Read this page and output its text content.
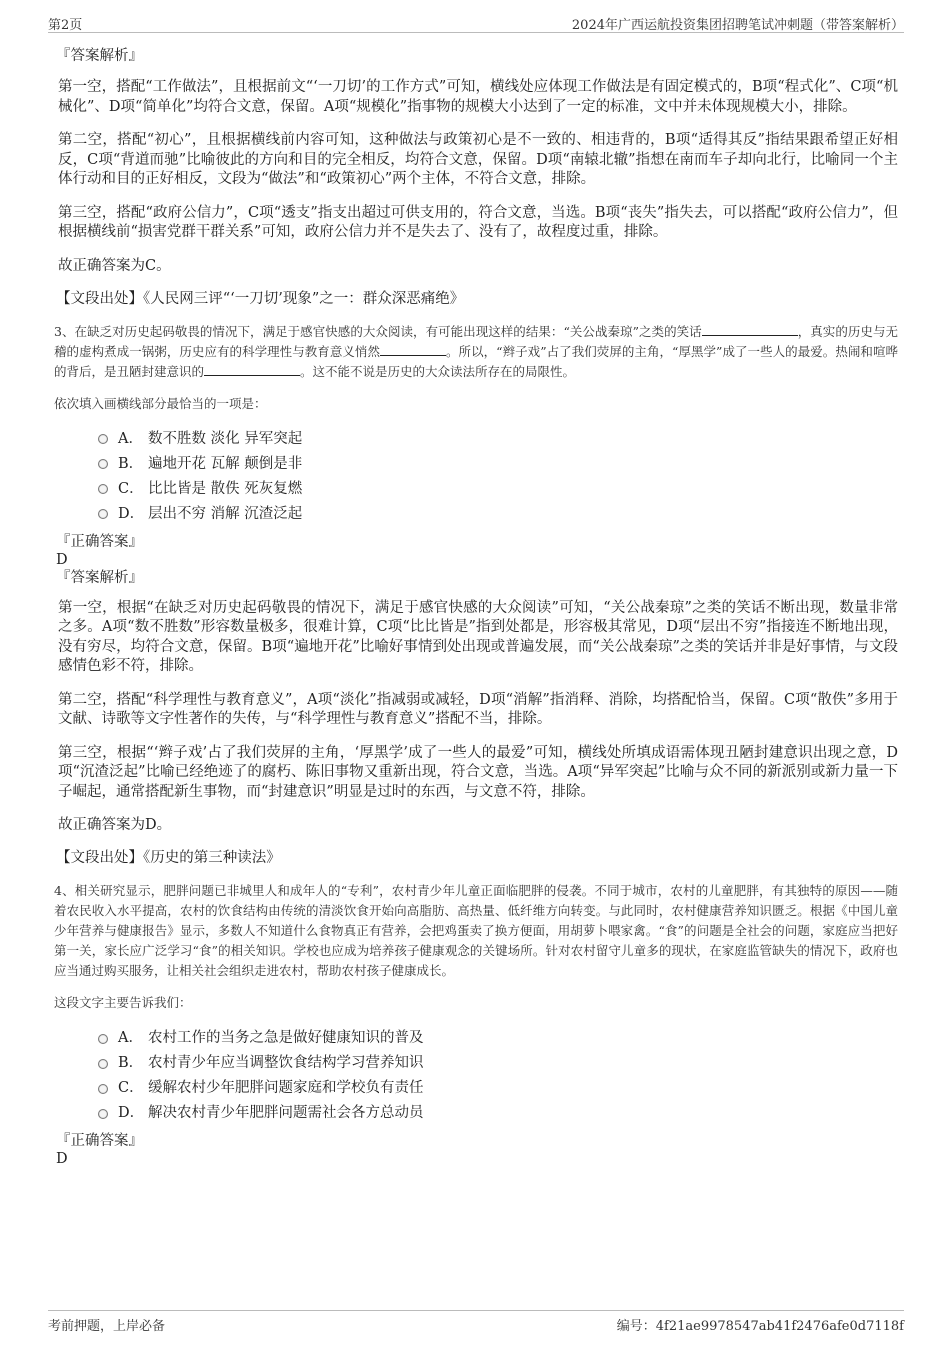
第2页	2024年广西运航投资集团招聘笔试冲刺题（带答案解析）

『答案解析』

第一空，搭配“工作做法”，且根据前文“‘一刀切’的工作方式”可知，横线处应体现工作做法是有固定模式的，B项“程式化”、C项“机械化”、D项“简单化”均符合文意，保留。A项“规模化”指事物的规模大小达到了一定的标准，文中并未体现规模大小，排除。

第二空，搭配“初心”，且根据横线前内容可知，这种做法与政策初心是不一致的、相违背的，B项“适得其反”指结果跟希望正好相反，C项“背道而驰”比喻彼此的方向和目的完全相反，均符合文意，保留。D项“南辕北辙”指想在南而车子却向北行，比喻同一个主体行动和目的正好相反，文段为“做法”和“政策初心”两个主体，不符合文意，排除。

第三空，搭配“政府公信力”，C项“透支”指支出超过可供支用的，符合文意，当选。B项“丧失”指失去，可以搭配“政府公信力”，但根据横线前“损害党群干群关系”可知，政府公信力并不是失去了、没有了，故程度过重，排除。

故正确答案为C。

【文段出处】《人民网三评“‘一刀切’现象”之一：群众深恶痛绝》

3、在缺乏对历史起码敬畏的情况下，满足于感官快感的大众阅读，有可能出现这样的结果：“关公战秦琼”之类的笑话	，真实的历史与无稽的虚构煮成一锅粥，历史应有的科学理性与教育意义悄然	。所以，“辫子戏”占了我们荧屏的主角，“厚黑学”成了一些人的最爱。热闹和喧哗的背后，是丑陋封建意识的	。这不能不说是历史的大众读法所存在的局限性。

依次填入画横线部分最恰当的一项是：

A． 数不胜数 淡化 异军突起
B． 遍地开花 瓦解 颠倒是非
C． 比比皆是 散佚 死灰复燃
D． 层出不穷 消解 沉渣泛起

『正确答案』

D

『答案解析』

第一空，根据“在缺乏对历史起码敬畏的情况下，满足于感官快感的大众阅读”可知，“关公战秦琼”之类的笑话不断出现，数量非常之多。A项“数不胜数”形容数量极多，很难计算，C项“比比皆是”指到处都是，形容极其常见，D项“层出不穷”指接连不断地出现，没有穷尽，均符合文意，保留。B项“遍地开花”比喻好事情到处出现或普遍发展，而“关公战秦琼”之类的笑话并非是好事情，与文段感情色彩不符，排除。

第二空，搭配“科学理性与教育意义”，A项“淡化”指减弱或减轻，D项“消解”指消释、消除，均搭配恰当，保留。C项“散佚”多用于文献、诗歌等文字性著作的失传，与“科学理性与教育意义”搭配不当，排除。

第三空，根据“‘辫子戏’占了我们荧屏的主角，‘厚黑学’成了一些人的最爱”可知，横线处所填成语需体现丑陋封建意识出现之意，D项“沉渣泛起”比喻已经绝迹了的腐朽、陈旧事物又重新出现，符合文意，当选。A项“异军突起”比喻与众不同的新派别或新力量一下子崛起，通常搭配新生事物，而“封建意识”明显是过时的东西，与文意不符，排除。

故正确答案为D。

【文段出处】《历史的第三种读法》

4、相关研究显示，肥胖问题已非城里人和成年人的“专利”，农村青少年儿童正面临肥胖的侵袭。不同于城市，农村的儿童肥胖，有其独特的原因——随着农民收入水平提高，农村的饮食结构由传统的清淡饮食开始向高脂肪、高热量、低纤维方向转变。与此同时，农村健康营养知识匮乏。根据《中国儿童少年营养与健康报告》显示，多数人不知道什么食物真正有营养，会把鸡蛋卖了换方便面，用胡萝卜喂家禽。“食”的问题是全社会的问题，家庭应当把好第一关，家长应广泛学习“食”的相关知识。学校也应成为培养孩子健康观念的关键场所。针对农村留守儿童多的现状，在家庭监管缺失的情况下，政府也应当通过购买服务，让相关社会组织走进农村，帮助农村孩子健康成长。

这段文字主要告诉我们：

A． 农村工作的当务之急是做好健康知识的普及
B． 农村青少年应当调整饮食结构学习营养知识
C． 缓解农村少年肥胖问题家庭和学校负有责任
D． 解决农村青少年肥胖问题需社会各方总动员

『正确答案』

D

考前押题，上岸必备	编号：4f21ae9978547ab41f2476afe0d7118f
